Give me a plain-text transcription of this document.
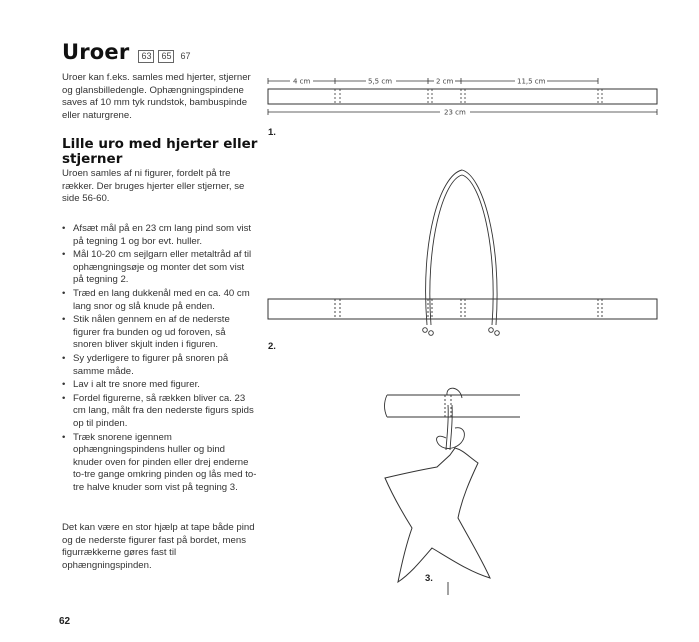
Uroer	63	65	67
Uroer kan f.eks. samles med hjerter, stjerner og glansbilledengle. Ophængningspindene saves af 10 mm tyk rundstok, bambuspinde eller naturgrene.
Lille uro med hjerter eller stjerner
Uroen samles af ni figurer, fordelt på tre rækker. Der bruges hjerter eller stjerner, se side 56-60.
• Afsæt mål på en 23 cm lang pind som vist på tegning 1 og bor evt. huller.
• Mål 10-20 cm sejlgarn eller metaltråd af til ophængningsøje og monter det som vist på tegning 2.
• Træd en lang dukkenål med en ca. 40 cm lang snor og slå knude på enden.
• Stik nålen gennem en af de nederste figurer fra bunden og ud foroven, så snoren bliver skjult inden i figuren.
• Sy yderligere to figurer på snoren på samme måde.
• Lav i alt tre snore med figurer.
• Fordel figurerne, så rækken bliver ca. 23 cm lang, målt fra den nederste figurs spids op til pinden.
• Træk snorene igennem ophængningspindens huller og bind knuder oven for pinden eller drej enderne to-tre gange omkring pinden og lås med to-tre halve knuder som vist på tegning 3.
Det kan være en stor hjælp at tape både pind og de nederste figurer fast på bordet, mens figurrækkerne gøres fast til ophængningspinden.
62
4 cm	5,5 cm	2 cm	11,5 cm
23 cm
1.
2.
3.
